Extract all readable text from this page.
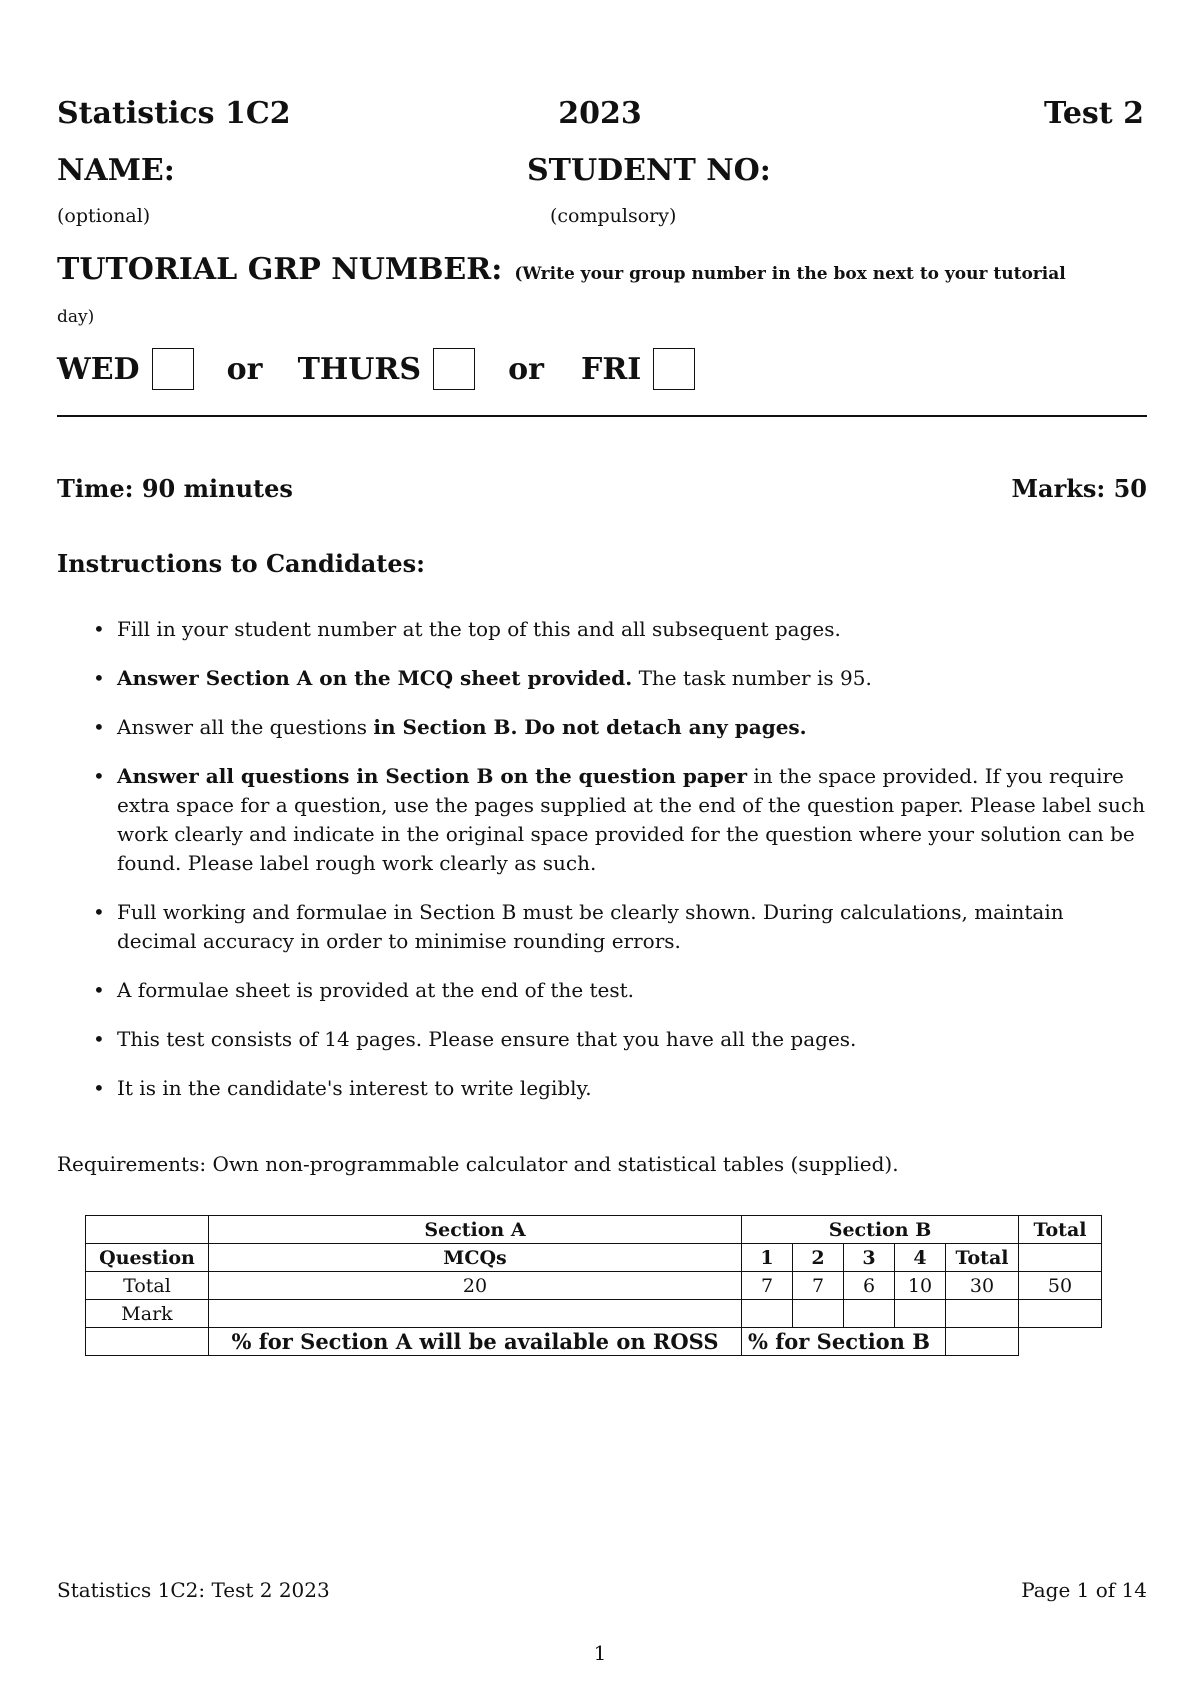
Statistics 1C2	2023	Test 2
NAME:	STUDENT NO:
(optional)	(compulsory)
TUTORIAL GRP NUMBER: (Write your group number in the box next to your tutorial
day)
WED	or THURS	or FRI
Time: 90 minutes	Marks: 50
Instructions to Candidates:
• Fill in your student number at the top of this and all subsequent pages.
• Answer Section A on the MCQ sheet provided. The task number is 95.
• Answer all the questions in Section B. Do not detach any pages.
• Answer all questions in Section B on the question paper in the space provided. If you require extra space for a question, use the pages supplied at the end of the question paper. Please label such work clearly and indicate in the original space provided for the question where your solution can be found. Please label rough work clearly as such.
• Full working and formulae in Section B must be clearly shown. During calculations, maintain decimal accuracy in order to minimise rounding errors.
• A formulae sheet is provided at the end of the test.
• This test consists of 14 pages. Please ensure that you have all the pages.
• It is in the candidate's interest to write legibly.
Requirements: Own non-programmable calculator and statistical tables (supplied).
	Section A	Section B					Total
Question	MCQs	1	2	3	4	Total	
Total	20	7	7	6	10	30	50
Mark							
	% for Section A will be available on ROSS	% for Section B					
Statistics 1C2: Test 2 2023	Page 1 of 14
1
